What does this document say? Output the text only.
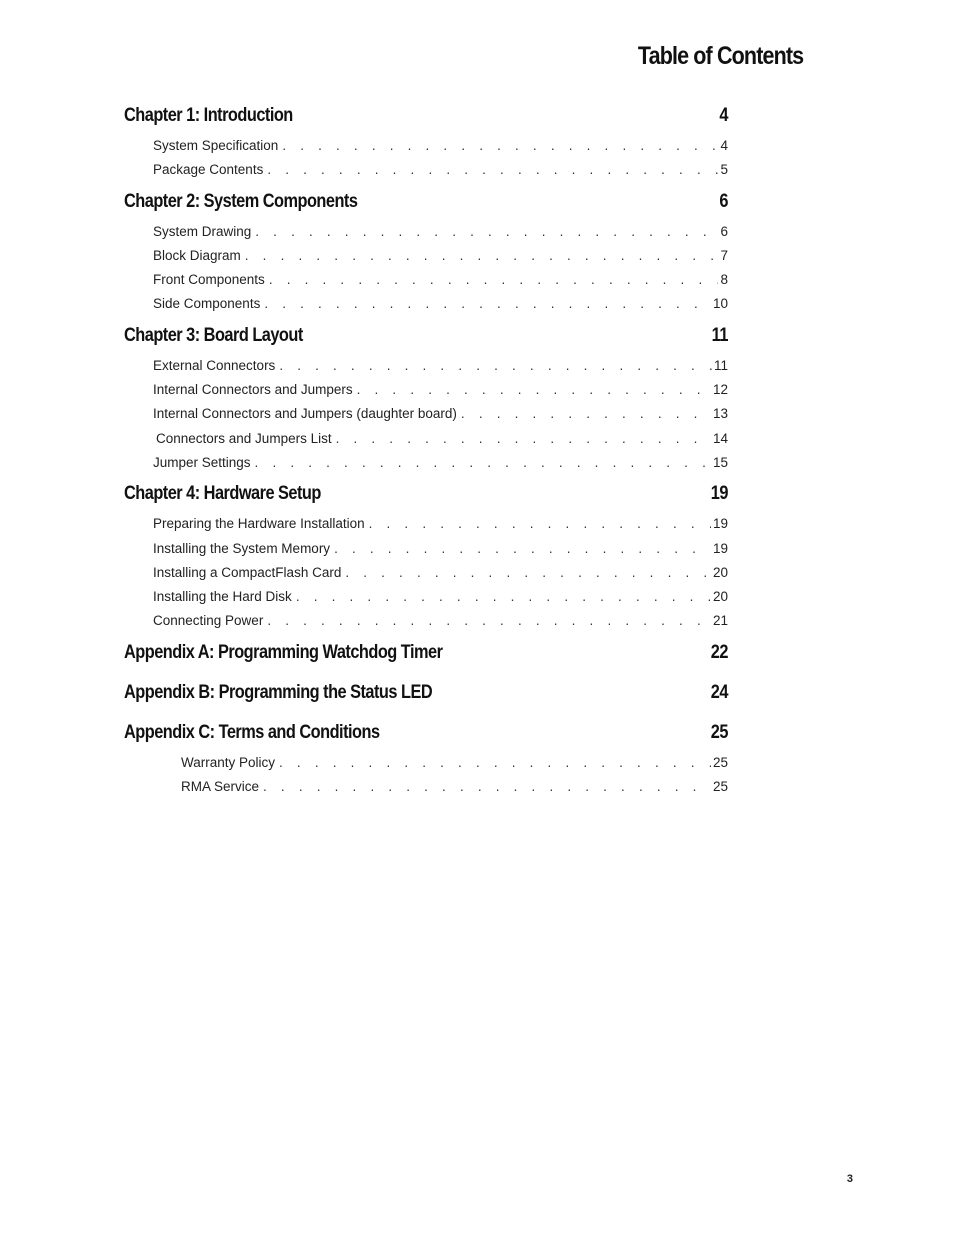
Table of Contents
Chapter 1: Introduction	4
System Specification . . .	4
Package Contents . . .	5
Chapter 2: System Components	6
System Drawing . . .	6
Block Diagram . . .	7
Front Components . . .	8
Side Components . . .	10
Chapter 3: Board Layout	11
External Connectors . . .	11
Internal Connectors and Jumpers . . .	12
Internal Connectors and Jumpers (daughter board) . . .	13
Connectors and Jumpers List . . .	14
Jumper Settings . . .	15
Chapter 4: Hardware Setup	19
Preparing the Hardware Installation . . .	19
Installing the System Memory . . .	19
Installing a CompactFlash Card . . .	20
Installing the Hard Disk . . .	20
Connecting Power . . .	21
Appendix A: Programming Watchdog Timer	22
Appendix B: Programming the Status LED	24
Appendix C: Terms and Conditions	25
Warranty Policy . . .	25
RMA Service . . .	25
3
